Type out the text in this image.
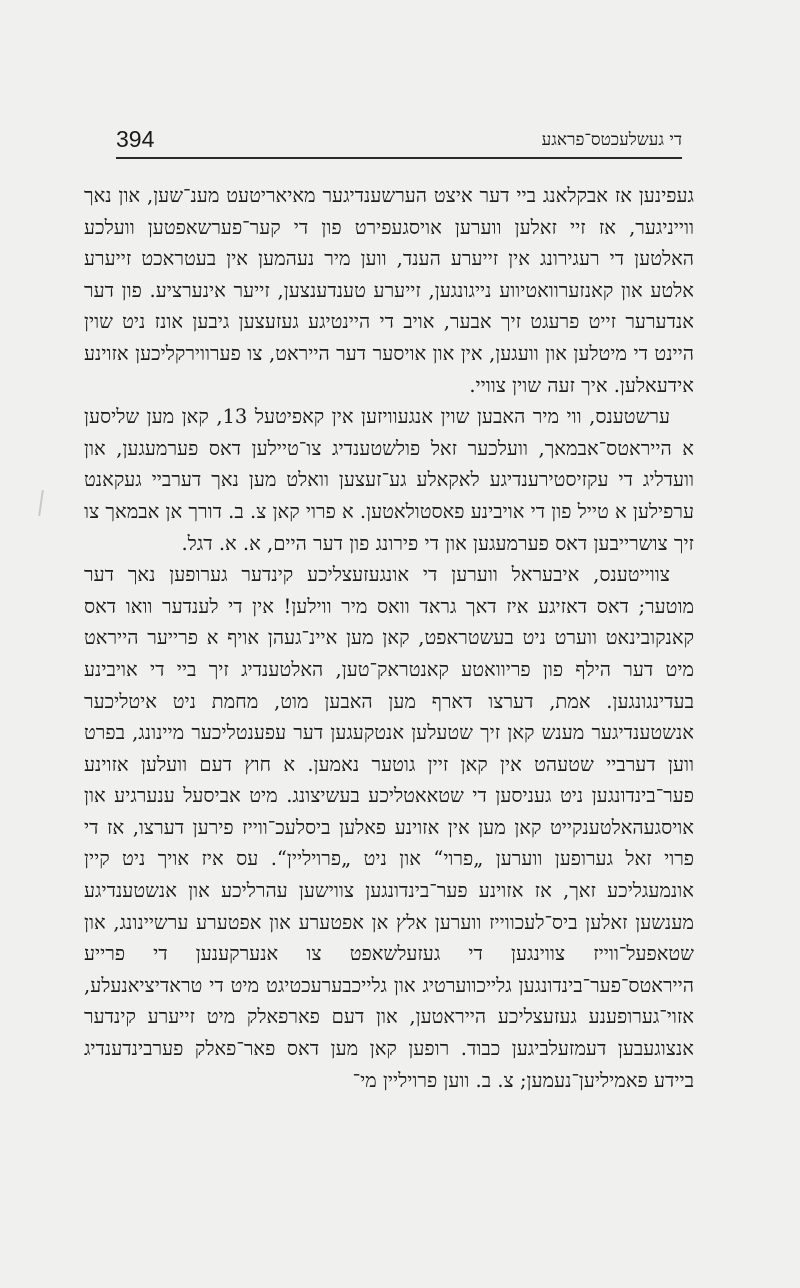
394	די געשלעכטס־פראגע

געפינען אז אבקלאנג ביי דער איצט הערשענדיגער מאיאריטעט מענ־שען, און נאך ווייניגער, אז זיי זאלען ווערען אויסגעפירט פון די קער־פערשאפטען וועלכע האלטען די רעגירונג אין זייערע הענד, ווען מיר נעהמען אין בעטראכט זייערע אלטע און קאנזערוואטיווע נייגונגען, זייערע טענדענצען, זייער אינערציע. פון דער אנדערער זייט פרעגט זיך אבער, אויב די היינטיגע געזעצען גיבען אונז ניט שוין היינט די מיטלען און וועגען, אין און אויסער דער הייראט, צו פערווירקליכען אזוינע אידעאלען. איך זעה שוין צוויי.

ערשטענס, ווי מיר האבען שוין אנגעוויזען אין קאפיטעל 13, קאן מען שליסען א הייראטס־אבמאך, וועלכער זאל פולשטענדיג צו־טיילען דאס פערמעגען, און וועדליג די עקזיסטירענדיגע לאקאלע גע־זעצען וואלט מען נאך דערביי געקאנט ערפילען א טייל פון די אויבינע פאסטולאטען. א פרוי קאן צ. ב. דורך אן אבמאך צו זיך צושרייבען דאס פערמעגען און די פירונג פון דער היים, א. א. דגל.

צווייטענס, איבעראל ווערען די אונגעזעצליכע קינדער גערופען נאך דער מוטער; דאס דאזיגע איז דאך גראד וואס מיר ווילען! אין די לענדער וואו דאס קאנקובינאט ווערט ניט בעשטראפט, קאן מען איינ־געהן אויף א פרייער הייראט מיט דער הילף פון פריוואטע קאנטראק־טען, האלטענדיג זיך ביי די אויבינע בעדינגונגען. אמת, דערצו דארף מען האבען מוט, מחמת ניט איטליכער אנשטענדיגער מענש קאן זיך שטעלען אנטקעגען דער עפענטליכער מיינונג, בפרט ווען דערביי שטעהט אין קאן זיין גוטער נאמען. א חוץ דעם וועלען אזוינע פער־בינדונגען ניט געניסען די שטאאטליכע בעשיצונג. מיט אביסעל ענערגיע און אויסגעהאלטענקייט קאן מען אין אזוינע פאלען ביסלעכ־ווייז פירען דערצו, אז די פרוי זאל גערופען ווערען „פרוי“ און ניט „פרויליין“. עס איז אויך ניט קיין אונמעגליכע זאך, אז אזוינע פער־בינדונגען צווישען עהרליכע און אנשטענדיגע מענשען זאלען ביס־לעכווייז ווערען אלץ אן אפטערע און אפטערע ערשיינונג, און שטאפעל־ווייז צווינגען די געזעלשאפט צו אנערקענען די פרייע הייראטס־פער־בינדונגען גלייכווערטיג און גלייכבערעכטיגט מיט די טראדיציאנעלע, אזוי־גערופענע געזעצליכע הייראטען, און דעם פארפאלק מיט זייערע קינדער אנצוגעבען דעמזעלביגען כבוד. רופען קאן מען דאס פאר־פאלק פערבינדענדיג ביידע פאמיליען־נעמען; צ. ב. ווען פרויליין מי־
